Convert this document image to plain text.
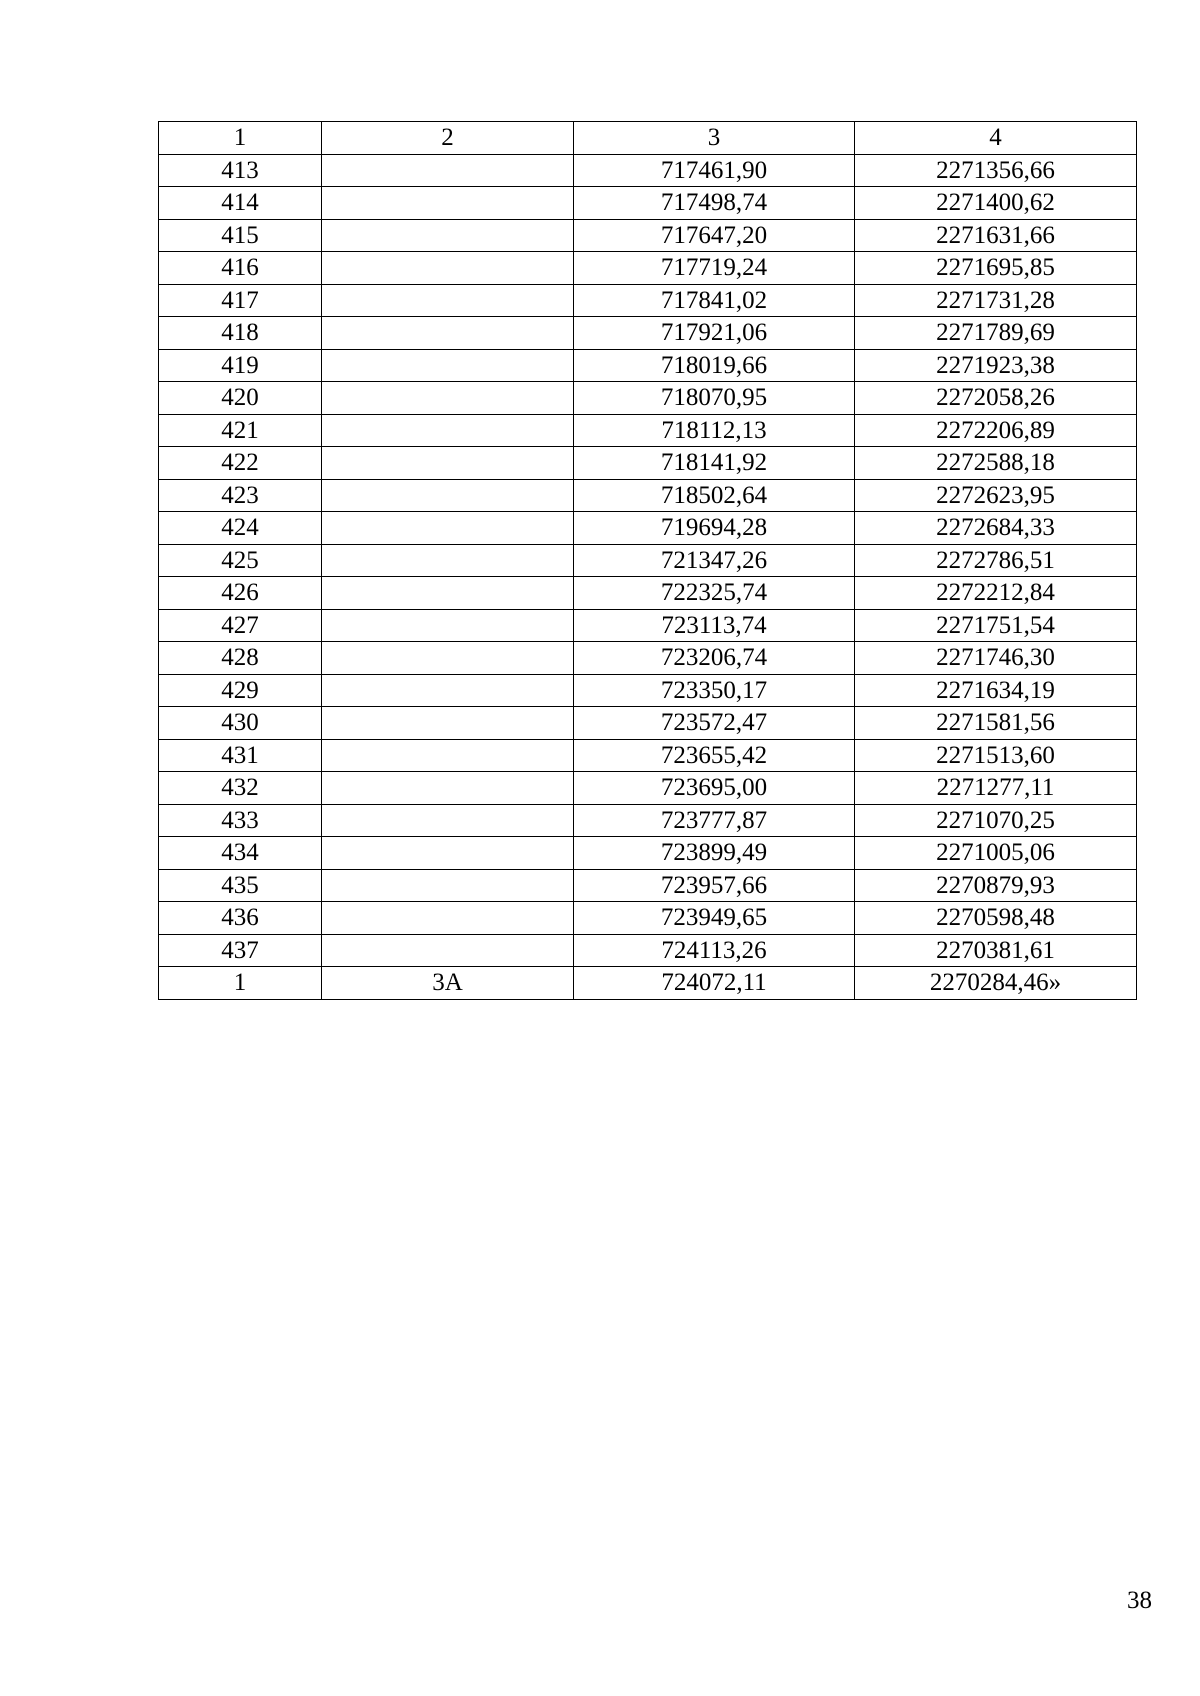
1	2	3	4
413		717461,90	2271356,66
414		717498,74	2271400,62
415		717647,20	2271631,66
416		717719,24	2271695,85
417		717841,02	2271731,28
418		717921,06	2271789,69
419		718019,66	2271923,38
420		718070,95	2272058,26
421		718112,13	2272206,89
422		718141,92	2272588,18
423		718502,64	2272623,95
424		719694,28	2272684,33
425		721347,26	2272786,51
426		722325,74	2272212,84
427		723113,74	2271751,54
428		723206,74	2271746,30
429		723350,17	2271634,19
430		723572,47	2271581,56
431		723655,42	2271513,60
432		723695,00	2271277,11
433		723777,87	2271070,25
434		723899,49	2271005,06
435		723957,66	2270879,93
436		723949,65	2270598,48
437		724113,26	2270381,61
1	3А	724072,11	2270284,46»
38
